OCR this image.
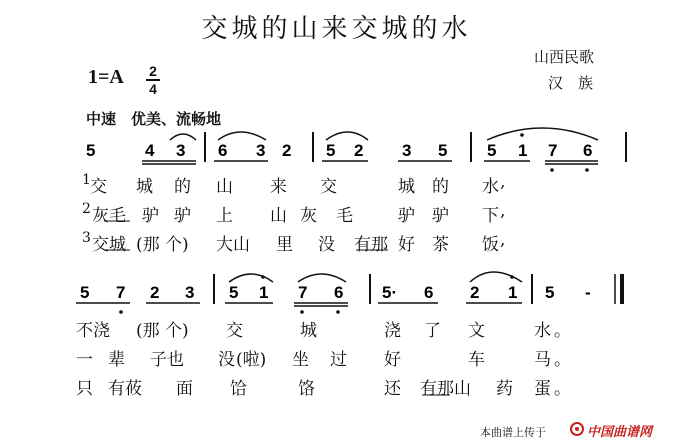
交城的山来交城的水
山西民歌
汉　族
1=A 2
4
中速　优美、流畅地
5	4 3 6 3 2 5 2 3 5 5 1 7 6
5 7 2 3 5 1 7 6 5· 6 2 1 5 -
1 交 城 的 山 来 交	城 的 水 ,
2 灰毛 驴 驴 上 山 灰 毛	驴 驴 下 ,
3 交城 (那 个) 大山 里 没 有那 好 茶 饭 ,
不浇 (那 个) 交	城	浇 了 文	水 。
一 辈 子也 没 (啦) 坐 过 好	车	马 。
只 有莜 面 饸	饹	还 有那 山 药 蛋 。
本曲谱上传于	中国曲谱网
